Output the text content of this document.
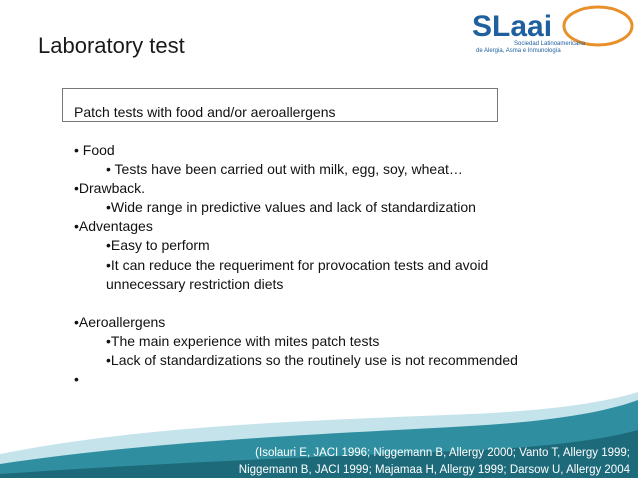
Laboratory test
SLaai
Sociedad Latinoamericana
de Alergia, Asma e Inmunología
Patch tests with food and/or aeroallergens
• Food
• Tests have been carried out with milk, egg, soy, wheat…
•Drawback.
•Wide range in predictive values and lack of standardization
•Adventages
•Easy to perform
•It can reduce the requeriment for provocation tests and avoid
unnecessary restriction diets
•Aeroallergens
•The main experience with mites patch tests
•Lack of standardizations so the routinely use is not recommended
•
(Isolauri E, JACI 1996; Niggemann B, Allergy 2000; Vanto T, Allergy 1999;
Niggemann B, JACI 1999; Majamaa H, Allergy 1999; Darsow U, Allergy 2004
